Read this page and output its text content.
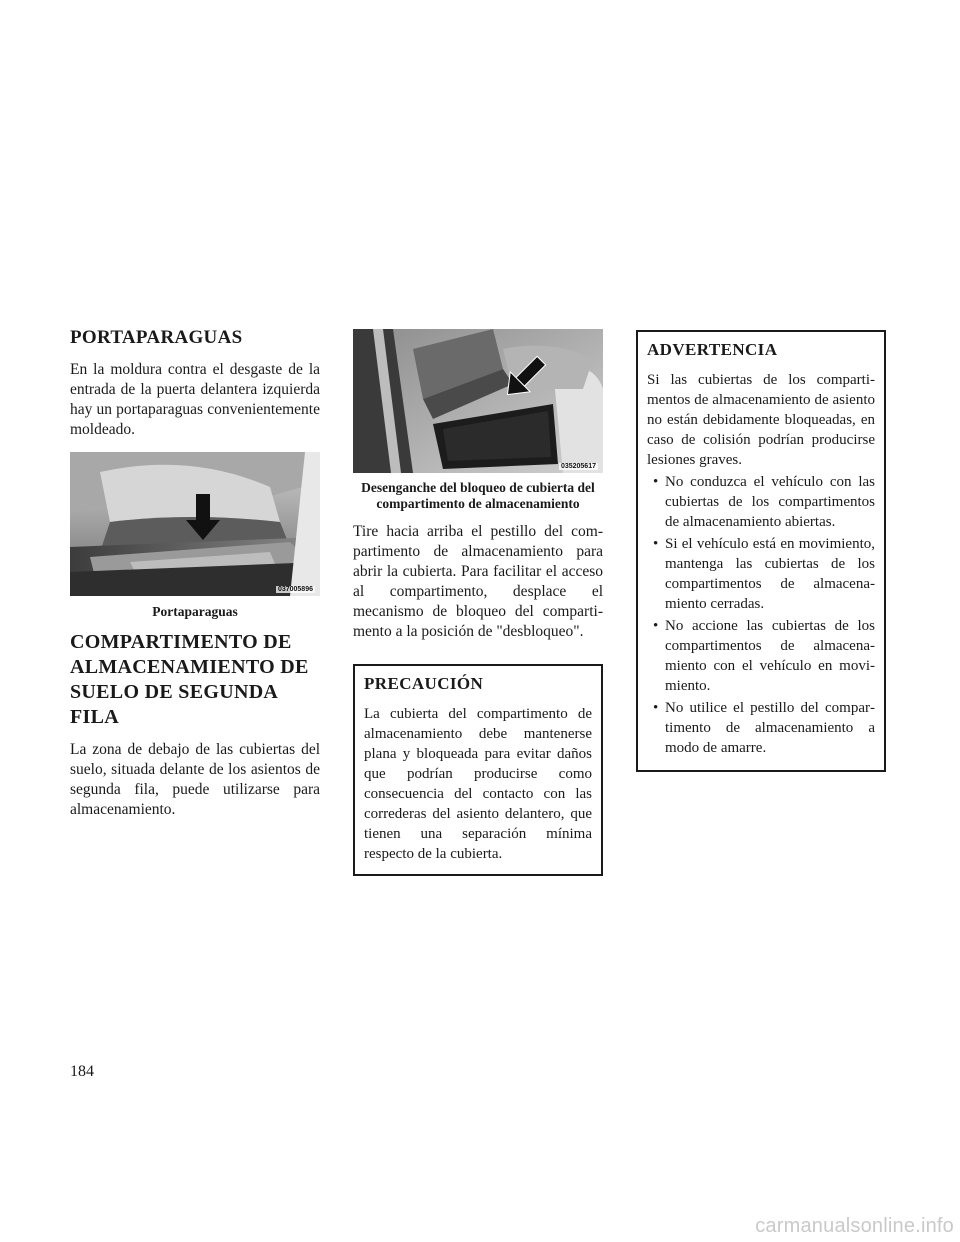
PORTAPARAGUAS

En la moldura contra el desgaste de la entrada de la puerta delantera izquierda hay un portaparaguas convenientemente moldeado.

037005896
Portaparaguas
COMPARTIMENTO DE ALMACENAMIENTO DE SUELO DE SEGUNDA FILA

La zona de debajo de las cubiertas del suelo, situada delante de los asientos de segunda fila, puede utilizarse para almacenamiento.

035205617
Desenganche del bloqueo de cubierta del compartimento de almacenamiento

Tire hacia arriba el pestillo del compartimento de almacenamiento para abrir la cubierta. Para facilitar el acceso al compartimento, desplace el mecanismo de bloqueo del compartimento a la posición de "desbloqueo".

PRECAUCIÓN

La cubierta del compartimento de almacenamiento debe mantenerse plana y bloqueada para evitar daños que podrían producirse como consecuencia del contacto con las correderas del asiento delantero, que tienen una separación mínima respecto de la cubierta.

ADVERTENCIA

Si las cubiertas de los compartimentos de almacenamiento de asiento no están debidamente bloqueadas, en caso de colisión podrían producirse lesiones graves.

• No conduzca el vehículo con las cubiertas de los compartimentos de almacenamiento abiertas.
• Si el vehículo está en movimiento, mantenga las cubiertas de los compartimentos de almacenamiento cerradas.
• No accione las cubiertas de los compartimentos de almacenamiento con el vehículo en movimiento.
• No utilice el pestillo del compartimento de almacenamiento a modo de amarre.
184
carmanualsonline.info
